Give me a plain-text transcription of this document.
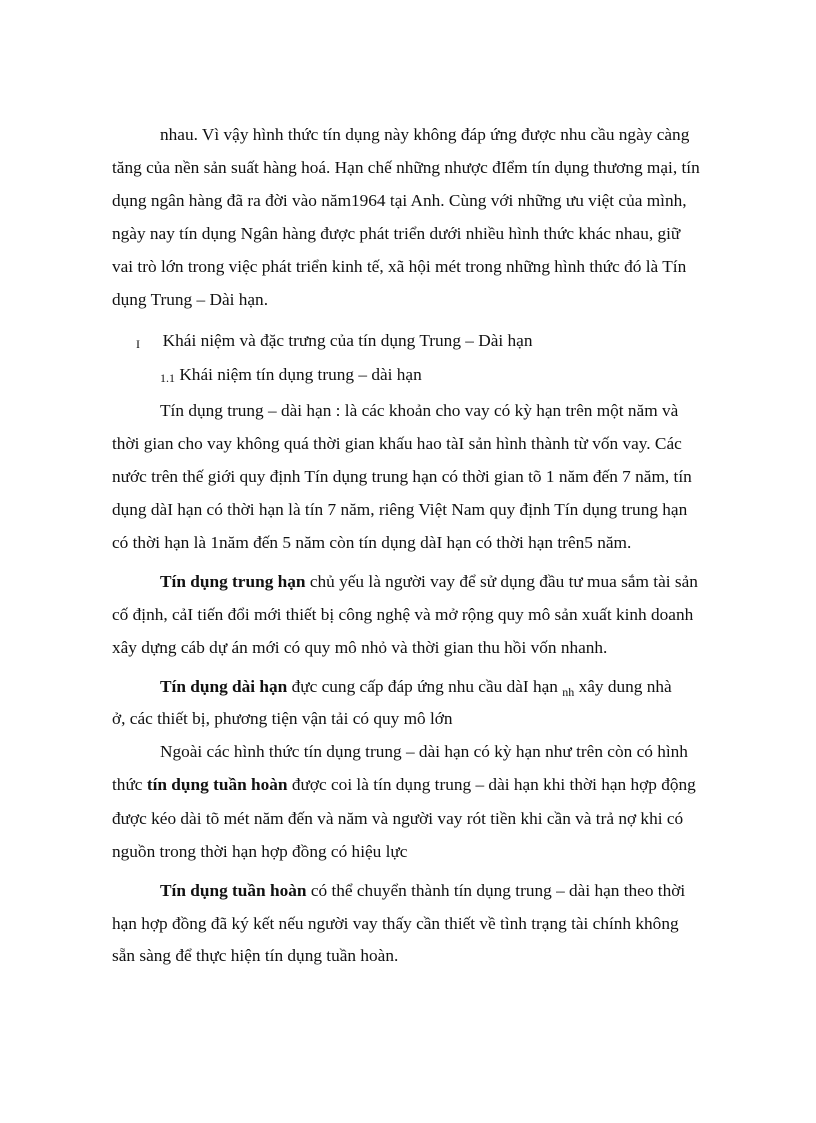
nhau. Vì vậy hình thức tín dụng này không đáp ứng được nhu cầu ngày càng
tăng của nền sản suất hàng hoá. Hạn chế những nhược đIểm tín dụng thương mại, tín
dụng ngân hàng đã ra đời vào năm1964 tại Anh. Cùng với những ưu việt của mình,
ngày nay tín dụng Ngân hàng được phát triển dưới nhiều hình thức khác nhau, giữ
vai trò lớn trong việc phát triển kinh tế, xã hội mét trong những hình thức đó là Tín
dụng Trung – Dài hạn.
I Khái niệm và đặc trưng của tín dụng Trung – Dài hạn
1.1 Khái niệm tín dụng trung – dài hạn
Tín dụng trung – dài hạn : là các khoản cho vay có kỳ hạn trên một năm và
thời gian cho vay không quá thời gian khấu hao tàI sản hình thành từ vốn vay. Các
nước trên thế giới quy định Tín dụng trung hạn có thời gian tõ 1 năm đến 7 năm, tín
dụng dàI hạn có thời hạn là tín 7 năm, riêng Việt Nam quy định Tín dụng trung hạn
có thời hạn là 1năm đến 5 năm còn tín dụng dàI hạn có thời hạn trên5 năm.
Tín dụng trung hạn chủ yếu là người vay để sử dụng đầu tư mua sắm tài sản
cố định, cảI tiến đổi mới thiết bị công nghệ và mở rộng quy mô sản xuất kinh doanh
xây dựng cáb dự án mới có quy mô nhỏ và thời gian thu hồi vốn nhanh.
Tín dụng dài hạn đực cung cấp đáp ứng nhu cầu dàI hạn $_{nh}$ xây dung nhà
ở, các thiết bị, phương tiện vận tải có quy mô lớn
Ngoài các hình thức tín dụng trung – dài hạn có kỳ hạn như trên còn có hình
thức tín dụng tuần hoàn được coi là tín dụng trung – dài hạn khi thời hạn hợp động
được kéo dài tõ mét năm đến và năm và người vay rót tiền khi cần và trả nợ khi có
nguồn trong thời hạn hợp đồng có hiệu lực
Tín dụng tuần hoàn có thể chuyển thành tín dụng trung – dài hạn theo thời
hạn hợp đồng đã ký kết nếu người vay thấy cần thiết về tình trạng tài chính không
sẵn sàng để thực hiện tín dụng tuần hoàn.
